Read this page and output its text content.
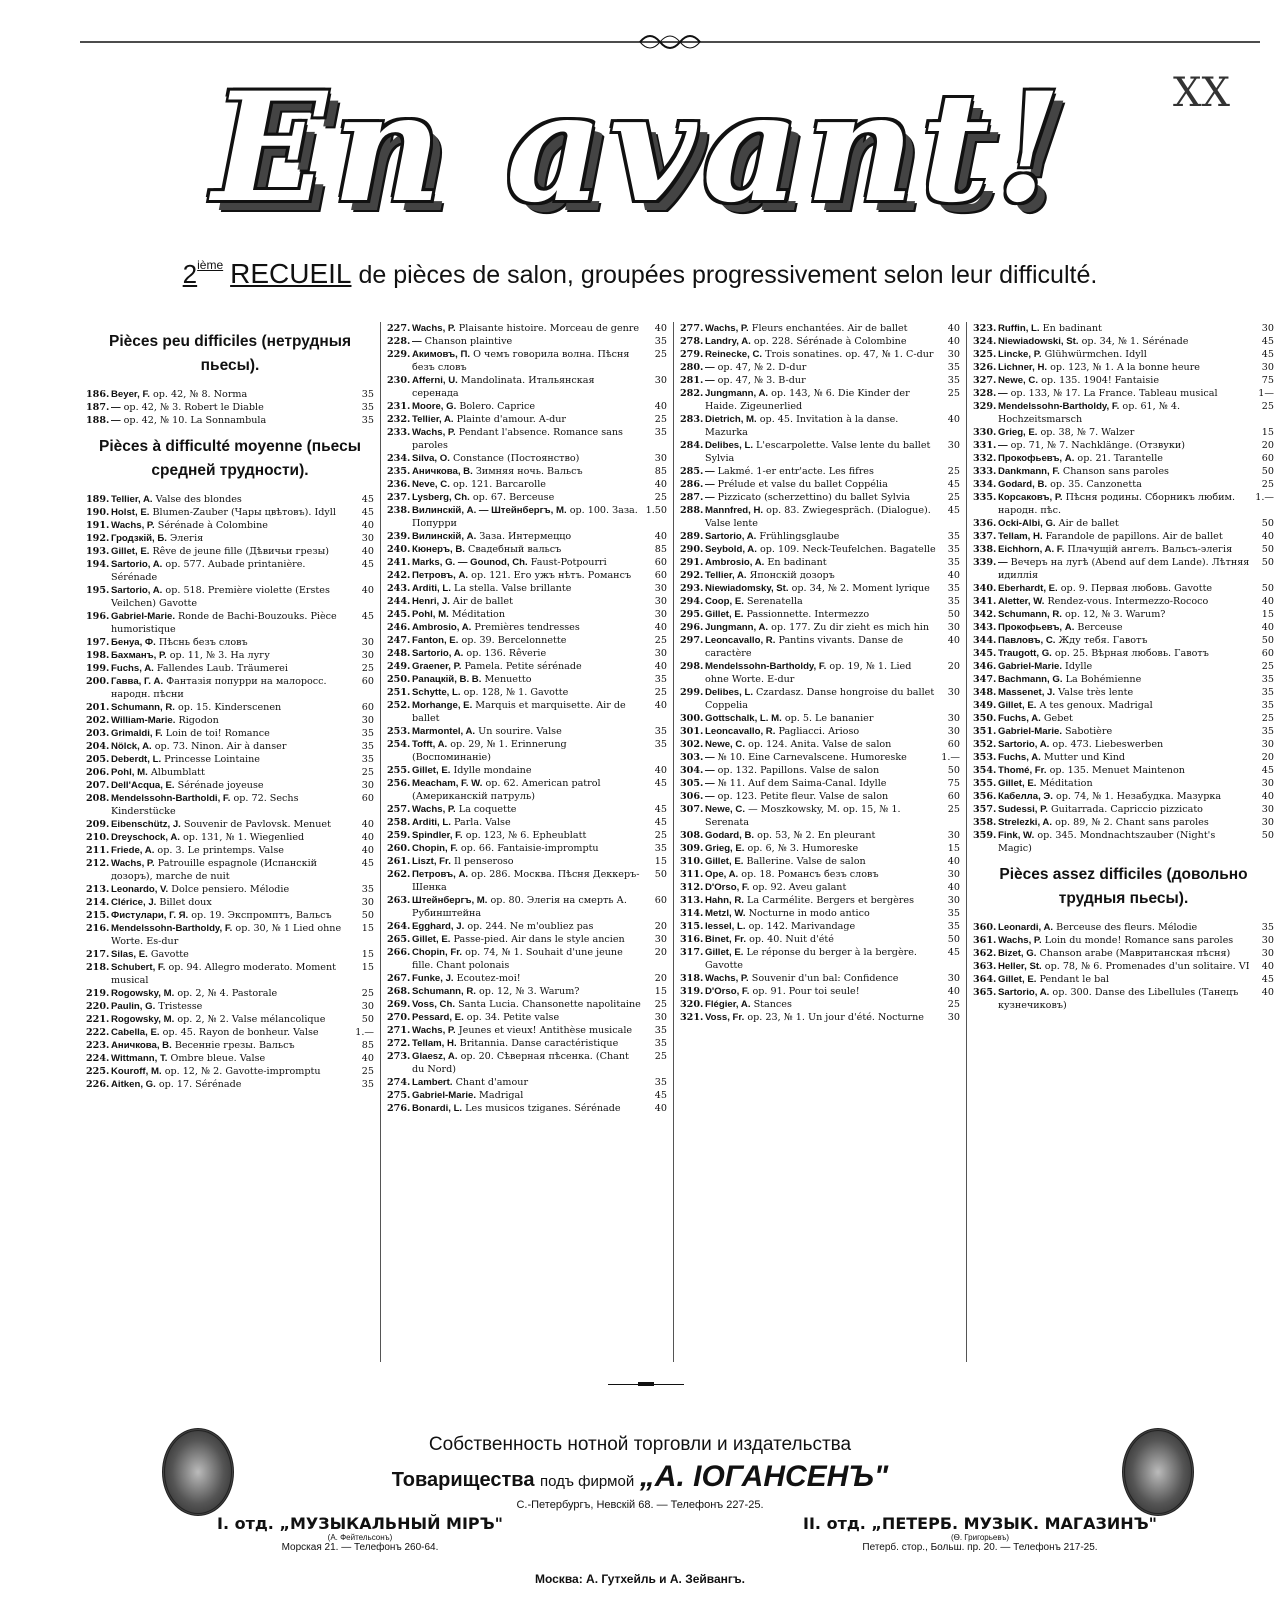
En avant!	XX
2ième RECUEIL de pièces de salon, groupées progressivement selon leur difficulté.
Pièces peu difficiles (нетрудныя пьесы).
186. Beyer, F. op. 42, № 8. Norma	35
187. — op. 42, № 3. Robert le Diable	35
188. — op. 42, № 10. La Sonnambula	35
Pièces à difficulté moyenne (пьесы средней трудности).
189. Tellier, A. Valse des blondes	45
190. Holst, E. Blumen-Zauber (Чары цвѣтовъ). Idyll	45
191. Wachs, P. Sérénade à Colombine	40
192. Гродзкій, Б. Элегія	30
193. Gillet, E. Rêve de jeune fille (Дѣвичьи грезы)	40
194. Sartorio, A. op. 577. Aubade printanière. Sérénade
45
195. Sartorio, A. op. 518. Première violette (Erstes Veilchen) Gavotte
40
196. Gabriel-Marie. Ronde de Bachi-Bouzouks. Pièce humoristique
45
197. Бенуа, Ф. Пѣснь безъ словъ	30
198. Бахманъ, Р. op. 11, № 3. На лугу	30
199. Fuchs, A. Fallendes Laub. Träumerei	25
200. Гавва, Г. А. Фантазія попурри на малоросс. народн. пѣсни
60
201. Schumann, R. op. 15. Kinderscenen	60
202. William-Marie. Rigodon	30
203. Grimaldi, F. Loin de toi! Romance	35
204. Nölck, A. op. 73. Ninon. Air à danser	35
205. Deberdt, L. Princesse Lointaine	35
206. Pohl, M. Albumblatt	25
207. Dell'Acqua, E. Sérénade joyeuse	30
208. Mendelssohn-Bartholdi, F. op. 72. Sechs Kinderstücke
60
209. Eibenschütz, J. Souvenir de Pavlovsk. Menuet	40
210. Dreyschock, A. op. 131, № 1. Wiegenlied	40
211. Friede, A. op. 3. Le printemps. Valse	40
212. Wachs, P. Patrouille espagnole (Испанскій дозоръ), marche de nuit
45
213. Leonardo, V. Dolce pensiero. Mélodie	35
214. Clérice, J. Billet doux	30
215. Фистулари, Г. Я. op. 19. Экспромптъ, Вальсъ	50
216. Mendelssohn-Bartholdy, F. op. 30, № 1 Lied ohne Worte. Es-dur
15
217. Silas, E. Gavotte	15
218. Schubert, F. op. 94. Allegro moderato. Moment musical
15
219. Rogowsky, M. op. 2, № 4. Pastorale	25
220. Paulin, G. Tristesse	30
221. Rogowsky, M. op. 2, № 2. Valse mélancolique	50
222. Cabella, E. op. 45. Rayon de bonheur. Valse	1.—
223. Аничкова, В. Весенніе грезы. Вальсъ	85
224. Wittmann, T. Ombre bleue. Valse	40
225. Kouroff, M. op. 12, № 2. Gavotte-impromptu	25
226. Aitken, G. op. 17. Sérénade	35
227. Wachs, P. Plaisante histoire. Morceau de genre	40
228. — Chanson plaintive	35
229. Акимовъ, П. О чемъ говорила волна. Пѣсня безъ словъ
25
230. Afferni, U. Mandolinata. Итальянская серенада
30
231. Moore, G. Bolero. Caprice	40
232. Tellier, A. Plainte d'amour. A-dur	25
233. Wachs, P. Pendant l'absence. Romance sans paroles
35
234. Silva, O. Constance (Постоянство)	30
235. Аничкова, В. Зимняя ночь. Вальсъ	85
236. Neve, C. op. 121. Barcarolle	40
237. Lysberg, Ch. op. 67. Berceuse	25
238. Вилинскій, А. — Штейнбергъ, М. op. 100. Заза. Попурри
1.50
239. Вилинскій, А. Заза. Интермеццо	40
240. Кюнеръ, В. Свадебный вальсъ	85
241. Marks, G. — Gounod, Ch. Faust-Potpourri	60
242. Петровъ, А. op. 121. Его ужъ нѣтъ. Романсъ	60
243. Arditi, L. La stella. Valse brillante	30
244. Henri, J. Air de ballet	30
245. Pohl, M. Méditation	30
246. Ambrosio, A. Premières tendresses	40
247. Fanton, E. op. 39. Bercelonnette	25
248. Sartorio, A. op. 136. Rêverie	30
249. Graener, P. Pamela. Petite sérénade	40
250. Panaцкій, В. В. Menuetto	35
251. Schytte, L. op. 128, № 1. Gavotte	25
252. Morhange, E. Marquis et marquisette. Air de ballet
40
253. Marmontel, A. Un sourire. Valse	35
254. Tofft, A. op. 29, № 1. Erinnerung (Воспоминаніе)
35
255. Gillet, E. Idylle mondaine	40
256. Meacham, F. W. op. 62. American patrol (Американскій патруль)
45
257. Wachs, P. La coquette	45
258. Arditi, L. Parla. Valse	45
259. Spindler, F. op. 123, № 6. Epheublatt	25
260. Chopin, F. op. 66. Fantaisie-impromptu	35
261. Liszt, Fr. Il penseroso	15
262. Петровъ, А. op. 286. Москва. Пѣсня Деккеръ-Шенка
50
263. Штейнбергъ, М. op. 80. Элегія на смерть А. Рубинштейна
60
264. Egghard, J. op. 244. Ne m'oubliez pas	20
265. Gillet, E. Passe-pied. Air dans le style ancien	30
266. Chopin, Fr. op. 74, № 1. Souhait d'une jeune fille. Chant polonais
20
267. Funke, J. Ecoutez-moi!	20
268. Schumann, R. op. 12, № 3. Warum?	15
269. Voss, Ch. Santa Lucia. Chansonette napolitaine	25
270. Pessard, E. op. 34. Petite valse	30
271. Wachs, P. Jeunes et vieux! Antithèse musicale	35
272. Tellam, H. Britannia. Danse caractéristique	35
273. Glaesz, A. op. 20. Сѣверная пѣсенка. (Chant du Nord)
25
274. Lambert. Chant d'amour	35
275. Gabriel-Marie. Madrigal	45
276. Bonardi, L. Les musicos tziganes. Sérénade	40
277. Wachs, P. Fleurs enchantées. Air de ballet	40
278. Landry, A. op. 228. Sérénade à Colombine	40
279. Reinecke, C. Trois sonatines. op. 47, № 1. C-dur	30
280. — op. 47, № 2. D-dur	35
281. — op. 47, № 3. B-dur	35
282. Jungmann, A. op. 143, № 6. Die Kinder der Haide. Zigeunerlied
25
283. Dietrich, M. op. 45. Invitation à la danse. Mazurka
40
284. Delibes, L. L'escarpolette. Valse lente du ballet Sylvia
30
285. — Lakmé. 1-er entr'acte. Les fifres	25
286. — Prélude et valse du ballet Coppélia	45
287. — Pizzicato (scherzettino) du ballet Sylvia	25
288. Mannfred, H. op. 83. Zwiegespräch. (Dialogue). Valse lente
45
289. Sartorio, A. Frühlingsglaube	35
290. Seybold, A. op. 109. Neck-Teufelchen. Bagatelle	35
291. Ambrosio, A. En badinant	35
292. Tellier, A. Японскій дозоръ	40
293. Niewiadomsky, St. op. 34, № 2. Moment lyrique	35
294. Coop, E. Serenatella	35
295. Gillet, E. Passionnette. Intermezzo	50
296. Jungmann, A. op. 177. Zu dir zieht es mich hin	30
297. Leoncavallo, R. Pantins vivants. Danse de caractère
40
298. Mendelssohn-Bartholdy, F. op. 19, № 1. Lied ohne Worte. E-dur
20
299. Delibes, L. Czardasz. Danse hongroise du ballet Coppelia
30
300. Gottschalk, L. M. op. 5. Le bananier	30
301. Leoncavallo, R. Pagliacci. Arioso	30
302. Newe, C. op. 124. Anita. Valse de salon	60
303. — № 10. Eine Carnevalscene. Humoreske	1.—
304. — op. 132. Papillons. Valse de salon	50
305. — № 11. Auf dem Saima-Canal. Idylle	75
306. — op. 123. Petite fleur. Valse de salon	60
307. Newe, C. — Moszkowsky, M. op. 15, № 1. Serenata
25
308. Godard, B. op. 53, № 2. En pleurant	30
309. Grieg, E. op. 6, № 3. Humoreske	15
310. Gillet, E. Ballerine. Valse de salon	40
311. Ope, A. op. 18. Романсъ безъ словъ	30
312. D'Orso, F. op. 92. Aveu galant	40
313. Hahn, R. La Carmélite. Bergers et bergères	30
314. Metzl, W. Nocturne in modo antico	35
315. Iessel, L. op. 142. Marivandage	35
316. Binet, Fr. op. 40. Nuit d'été	50
317. Gillet, E. Le réponse du berger à la bergère. Gavotte
45
318. Wachs, P. Souvenir d'un bal: Confidence	30
319. D'Orso, F. op. 91. Pour toi seule!	40
320. Flégier, A. Stances	25
321. Voss, Fr. op. 23, № 1. Un jour d'été. Nocturne	30
323. Ruffin, L. En badinant	30
324. Niewiadowski, St. op. 34, № 1. Sérénade	45
325. Lincke, P. Glühwürmchen. Idyll	45
326. Lichner, H. op. 123, № 1. A la bonne heure	30
327. Newe, C. op. 135. 1904! Fantaisie	75
328. — op. 133, № 17. La France. Tableau musical	1—
329. Mendelssohn-Bartholdy, F. op. 61, № 4. Hochzeitsmarsch
25
330. Grieg, E. op. 38, № 7. Walzer	15
331. — op. 71, № 7. Nachklänge. (Отзвуки)	20
332. Прокофьевъ, А. op. 21. Tarantelle	60
333. Dankmann, F. Chanson sans paroles	50
334. Godard, B. op. 35. Canzonetta	25
335. Корсаковъ, Р. Пѣсня родины. Сборникъ любим. народн. пѣс.
1.—
336. Ocki-Albi, G. Air de ballet	50
337. Tellam, H. Farandole de papillons. Air de ballet	40
338. Eichhorn, A. F. Плачущій ангелъ. Вальсъ-элегія	50
339. — Вечеръ на лугѣ (Abend auf dem Lande). Лѣтняя идиллія
50
340. Eberhardt, E. op. 9. Первая любовь. Gavotte	50
341. Aletter, W. Rendez-vous. Intermezzo-Rococo	40
342. Schumann, R. op. 12, № 3. Warum?	15
343. Прокофьевъ, А. Berceuse	40
344. Павловъ, С. Жду тебя. Гавотъ	50
345. Traugott, G. op. 25. Вѣрная любовь. Гавотъ	60
346. Gabriel-Marie. Idylle	25
347. Bachmann, G. La Bohémienne	35
348. Massenet, J. Valse très lente	35
349. Gillet, E. A tes genoux. Madrigal	35
350. Fuchs, A. Gebet	25
351. Gabriel-Marie. Sabotière	35
352. Sartorio, A. op. 473. Liebeswerben	30
353. Fuchs, A. Mutter und Kind	20
354. Thomé, Fr. op. 135. Menuet Maintenon	45
355. Gillet, E. Méditation	30
356. Кабелла, Э. op. 74, № 1. Незабудка. Мазурка	40
357. Sudessi, P. Guitarrada. Capriccio pizzicato	30
358. Strelezki, A. op. 89, № 2. Chant sans paroles	30
359. Fink, W. op. 345. Mondnachtszauber (Night's Magic)
50
Pièces assez difficiles (довольно трудныя пьесы).
360. Leonardi, A. Berceuse des fleurs. Mélodie	35
361. Wachs, P. Loin du monde! Romance sans paroles	30
362. Bizet, G. Chanson arabe (Мавританская пѣсня)	30
363. Heller, St. op. 78, № 6. Promenades d'un solitaire. VI	40
364. Gillet, E. Pendant le bal	45
365. Sartorio, A. op. 300. Danse des Libellules (Танецъ кузнечиковъ)
40
Собственность нотной торговли и издательства
Товарищества подъ фирмой „А. ІОГАНСЕНЪ"
С.-Петербургъ, Невскій 68. — Телефонъ 227-25.
I. отд. „МУЗЫКАЛЬНЫЙ МІРЪ"
(А. Фейтельсонъ)
Морская 21. — Телефонъ 260-64.
II. отд. „ПЕТЕРБ. МУЗЫК. МАГАЗИНЪ"
(Ѳ. Григорьевъ)
Петерб. стор., Больш. пр. 20. — Телефонъ 217-25.
Москва: А. Гутхейль и А. Зейвангъ.
